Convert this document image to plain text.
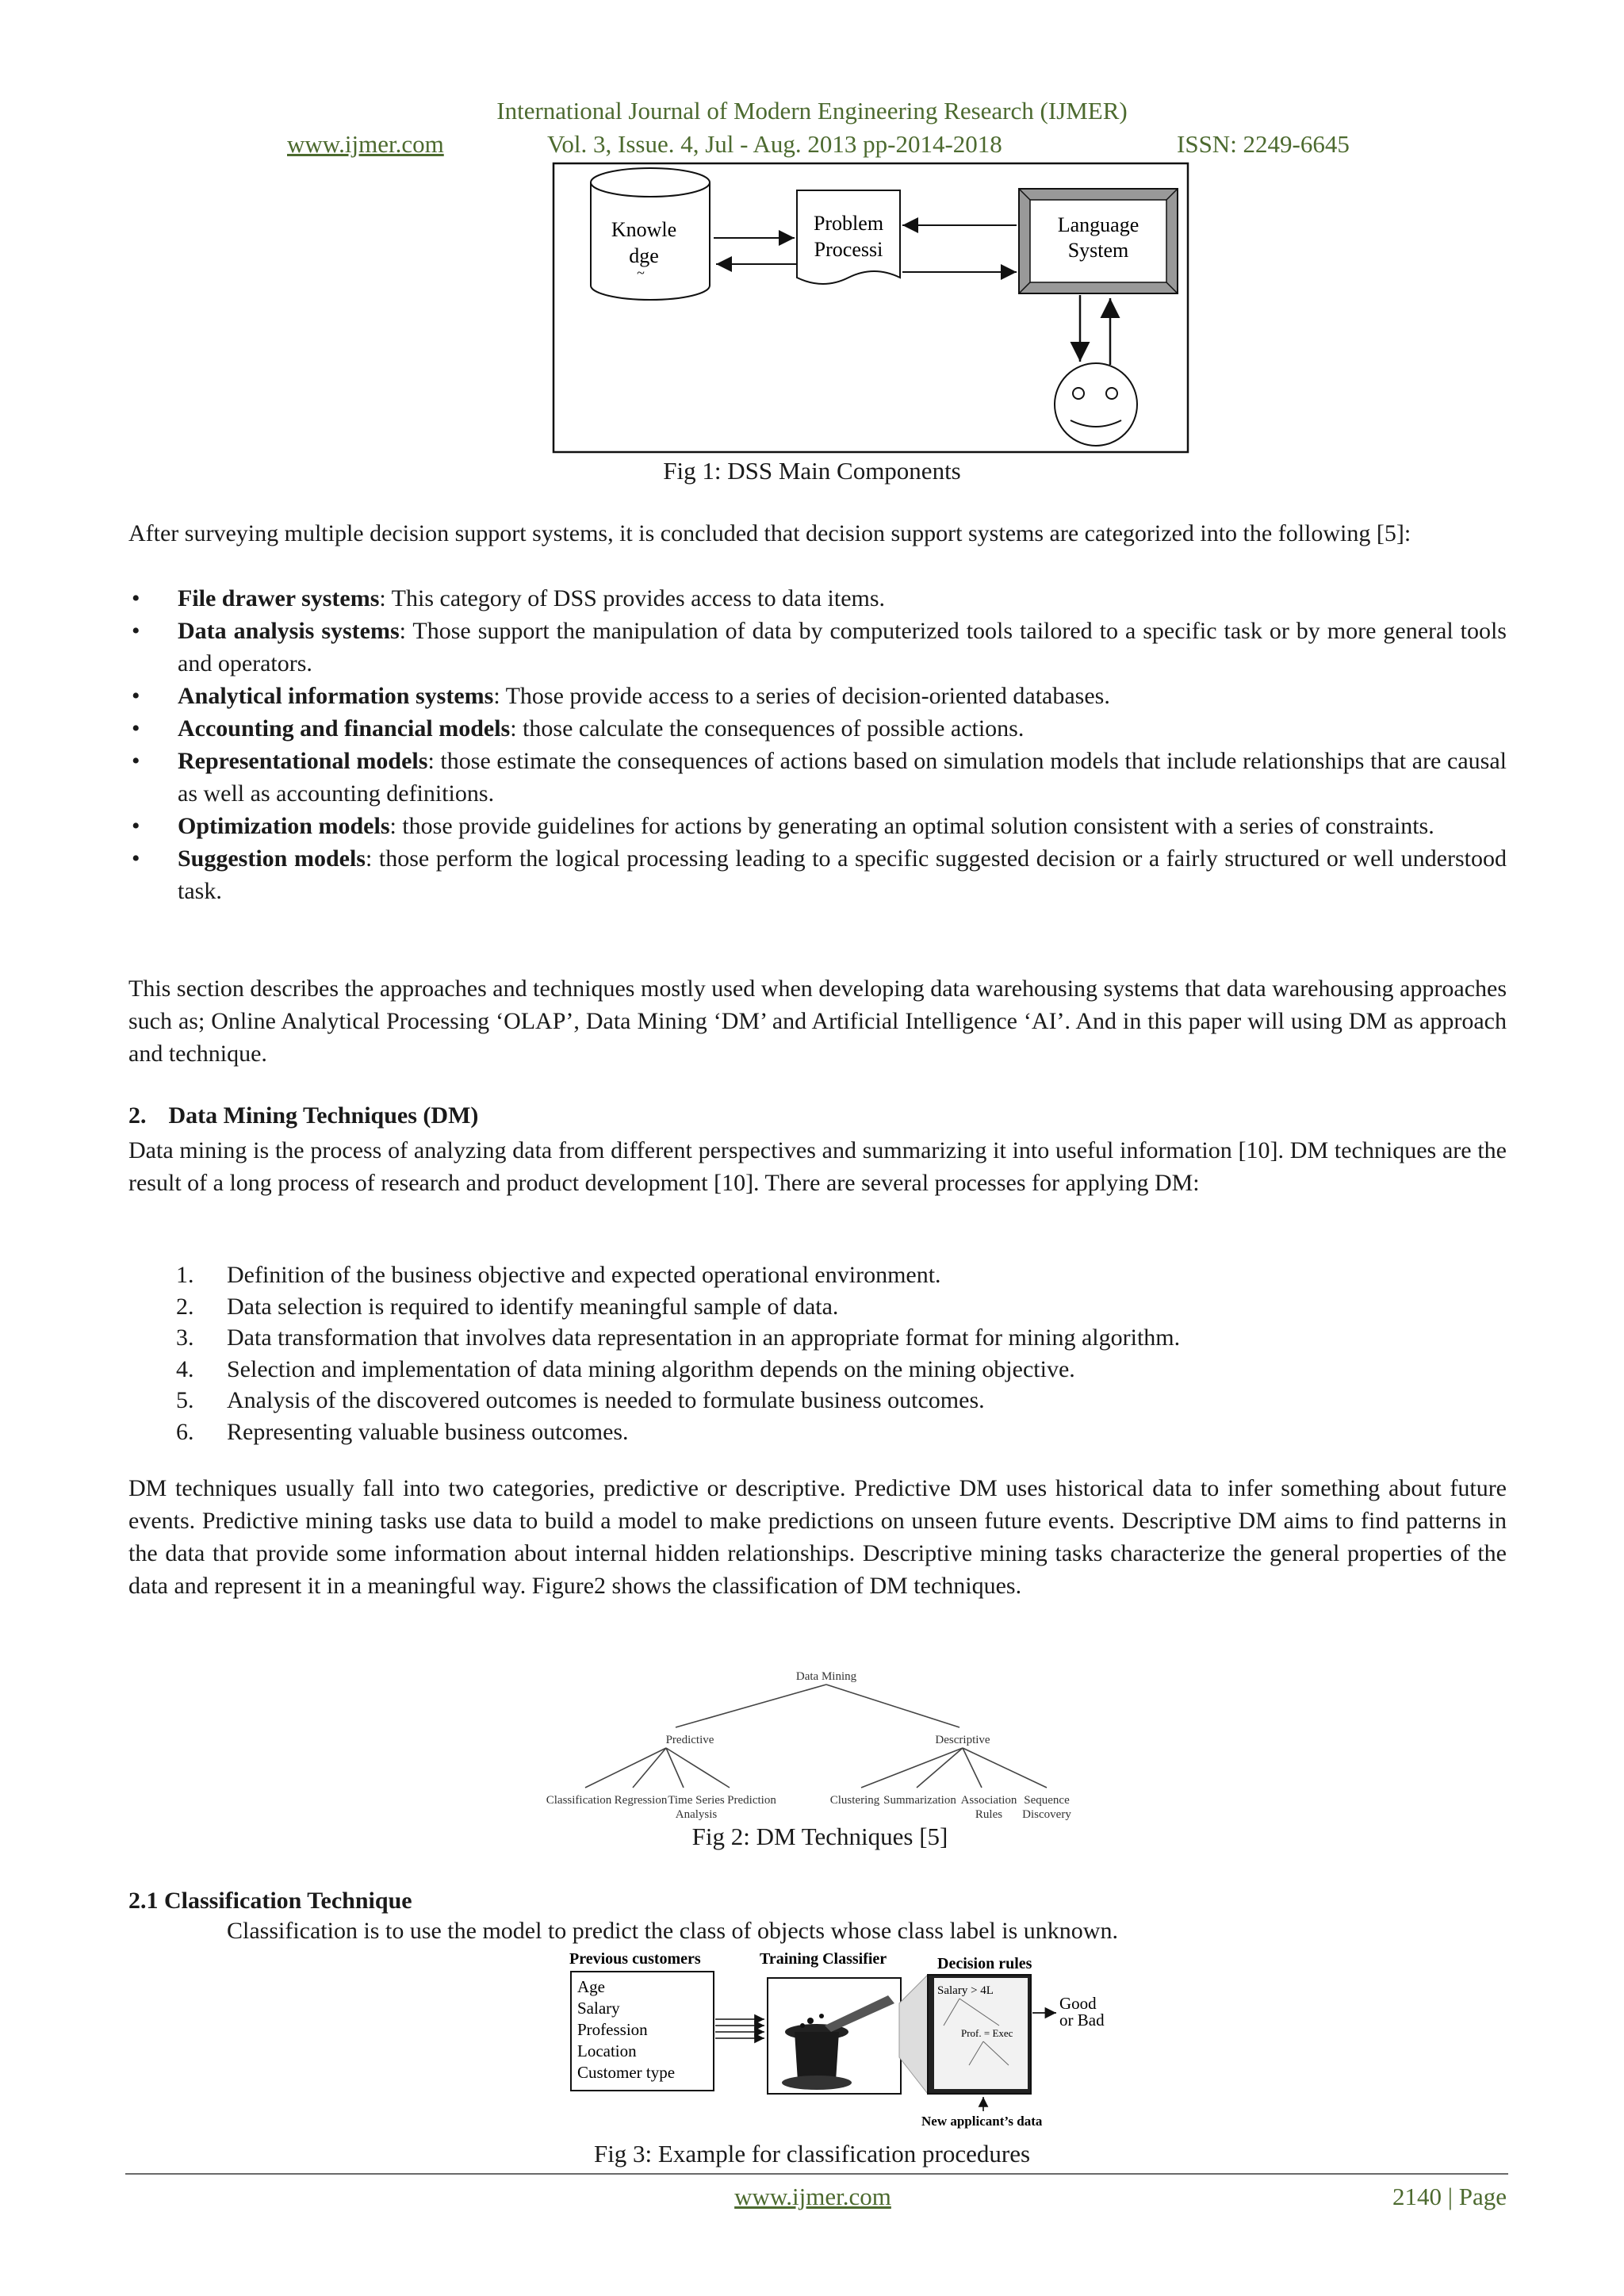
International Journal of Modern Engineering Research (IJMER)
www.ijmer.com	Vol. 3, Issue. 4, Jul - Aug. 2013 pp-2014-2018	ISSN: 2249-6645
Knowle
dge
~
Problem
Processi
Language
System
Fig 1: DSS Main Components
After surveying multiple decision support systems, it is concluded that decision support systems are categorized into the following [5]:
• File drawer systems: This category of DSS provides access to data items.
• Data analysis systems: Those support the manipulation of data by computerized tools tailored to a specific task or by more general tools and operators.
• Analytical information systems: Those provide access to a series of decision-oriented databases.
• Accounting and financial models: those calculate the consequences of possible actions.
• Representational models: those estimate the consequences of actions based on simulation models that include relationships that are causal as well as accounting definitions.
• Optimization models: those provide guidelines for actions by generating an optimal solution consistent with a series of constraints.
• Suggestion models: those perform the logical processing leading to a specific suggested decision or a fairly structured or well understood task.
This section describes the approaches and techniques mostly used when developing data warehousing systems that data warehousing approaches such as; Online Analytical Processing ‘OLAP’, Data Mining ‘DM’ and Artificial Intelligence ‘AI’. And in this paper will using DM as approach and technique.
2. Data Mining Techniques (DM)
Data mining is the process of analyzing data from different perspectives and summarizing it into useful information [10]. DM techniques are the result of a long process of research and product development [10]. There are several processes for applying DM:
1. Definition of the business objective and expected operational environment.
2. Data selection is required to identify meaningful sample of data.
3. Data transformation that involves data representation in an appropriate format for mining algorithm.
4. Selection and implementation of data mining algorithm depends on the mining objective.
5. Analysis of the discovered outcomes is needed to formulate business outcomes.
6. Representing valuable business outcomes.
DM techniques usually fall into two categories, predictive or descriptive. Predictive DM uses historical data to infer something about future events. Predictive mining tasks use data to build a model to make predictions on unseen future events. Descriptive DM aims to find patterns in the data that provide some information about internal hidden relationships. Descriptive mining tasks characterize the general properties of the data and represent it in a meaningful way. Figure2 shows the classification of DM techniques.
Data Mining
Predictive	Descriptive
Classification Regression Time Series
Analysis
Prediction	Clustering Summarization Association
Rules
Sequence
Discovery
Fig 2: DM Techniques [5]
2.1 Classification Technique
Classification is to use the model to predict the class of objects whose class label is unknown.
Previous customers	Training Classifier	Decision rules
Age
Salary
Profession
Location
Customer type
Salary > 4L
Prof. = Exec
Good
or Bad
New applicant’s data
Fig 3: Example for classification procedures
www.ijmer.com	2140 | Page
